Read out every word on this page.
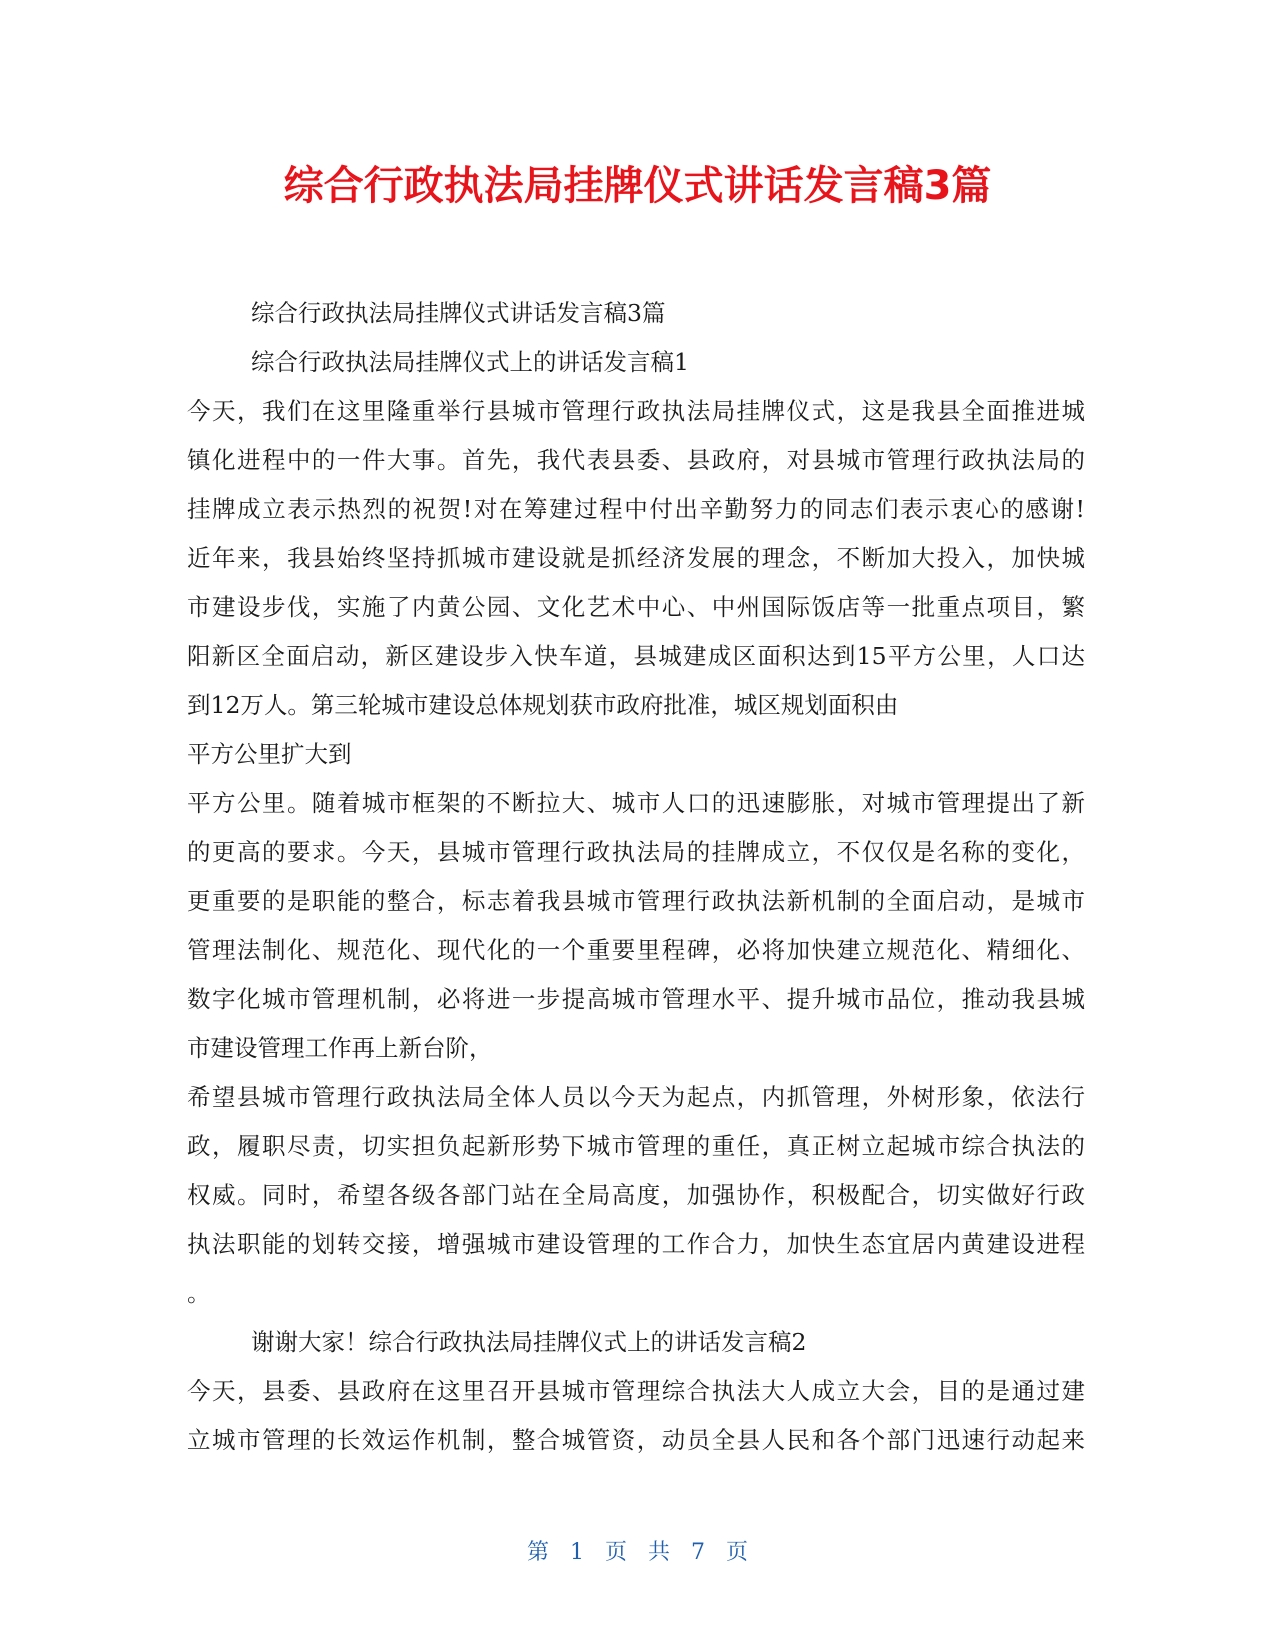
综合行政执法局挂牌仪式讲话发言稿3篇
综合行政执法局挂牌仪式讲话发言稿3篇
综合行政执法局挂牌仪式上的讲话发言稿1
今天，我们在这里隆重举行县城市管理行政执法局挂牌仪式，这是我县全面推进城
镇化进程中的一件大事。首先，我代表县委、县政府，对县城市管理行政执法局的
挂牌成立表示热烈的祝贺!对在筹建过程中付出辛勤努力的同志们表示衷心的感谢!
近年来，我县始终坚持抓城市建设就是抓经济发展的理念，不断加大投入，加快城
市建设步伐，实施了内黄公园、文化艺术中心、中州国际饭店等一批重点项目，繁
阳新区全面启动，新区建设步入快车道，县城建成区面积达到15平方公里，人口达
到12万人。第三轮城市建设总体规划获市政府批准，城区规划面积由
平方公里扩大到
平方公里。随着城市框架的不断拉大、城市人口的迅速膨胀，对城市管理提出了新
的更高的要求。今天，县城市管理行政执法局的挂牌成立，不仅仅是名称的变化，
更重要的是职能的整合，标志着我县城市管理行政执法新机制的全面启动，是城市
管理法制化、规范化、现代化的一个重要里程碑，必将加快建立规范化、精细化、
数字化城市管理机制，必将进一步提高城市管理水平、提升城市品位，推动我县城
市建设管理工作再上新台阶，
希望县城市管理行政执法局全体人员以今天为起点，内抓管理，外树形象，依法行
政，履职尽责，切实担负起新形势下城市管理的重任，真正树立起城市综合执法的
权威。同时，希望各级各部门站在全局高度，加强协作，积极配合，切实做好行政
执法职能的划转交接，增强城市建设管理的工作合力，加快生态宜居内黄建设进程
。
谢谢大家！综合行政执法局挂牌仪式上的讲话发言稿2
今天，县委、县政府在这里召开县城市管理综合执法大人成立大会，目的是通过建
立城市管理的长效运作机制，整合城管资，动员全县人民和各个部门迅速行动起来
第 1 页 共 7 页
